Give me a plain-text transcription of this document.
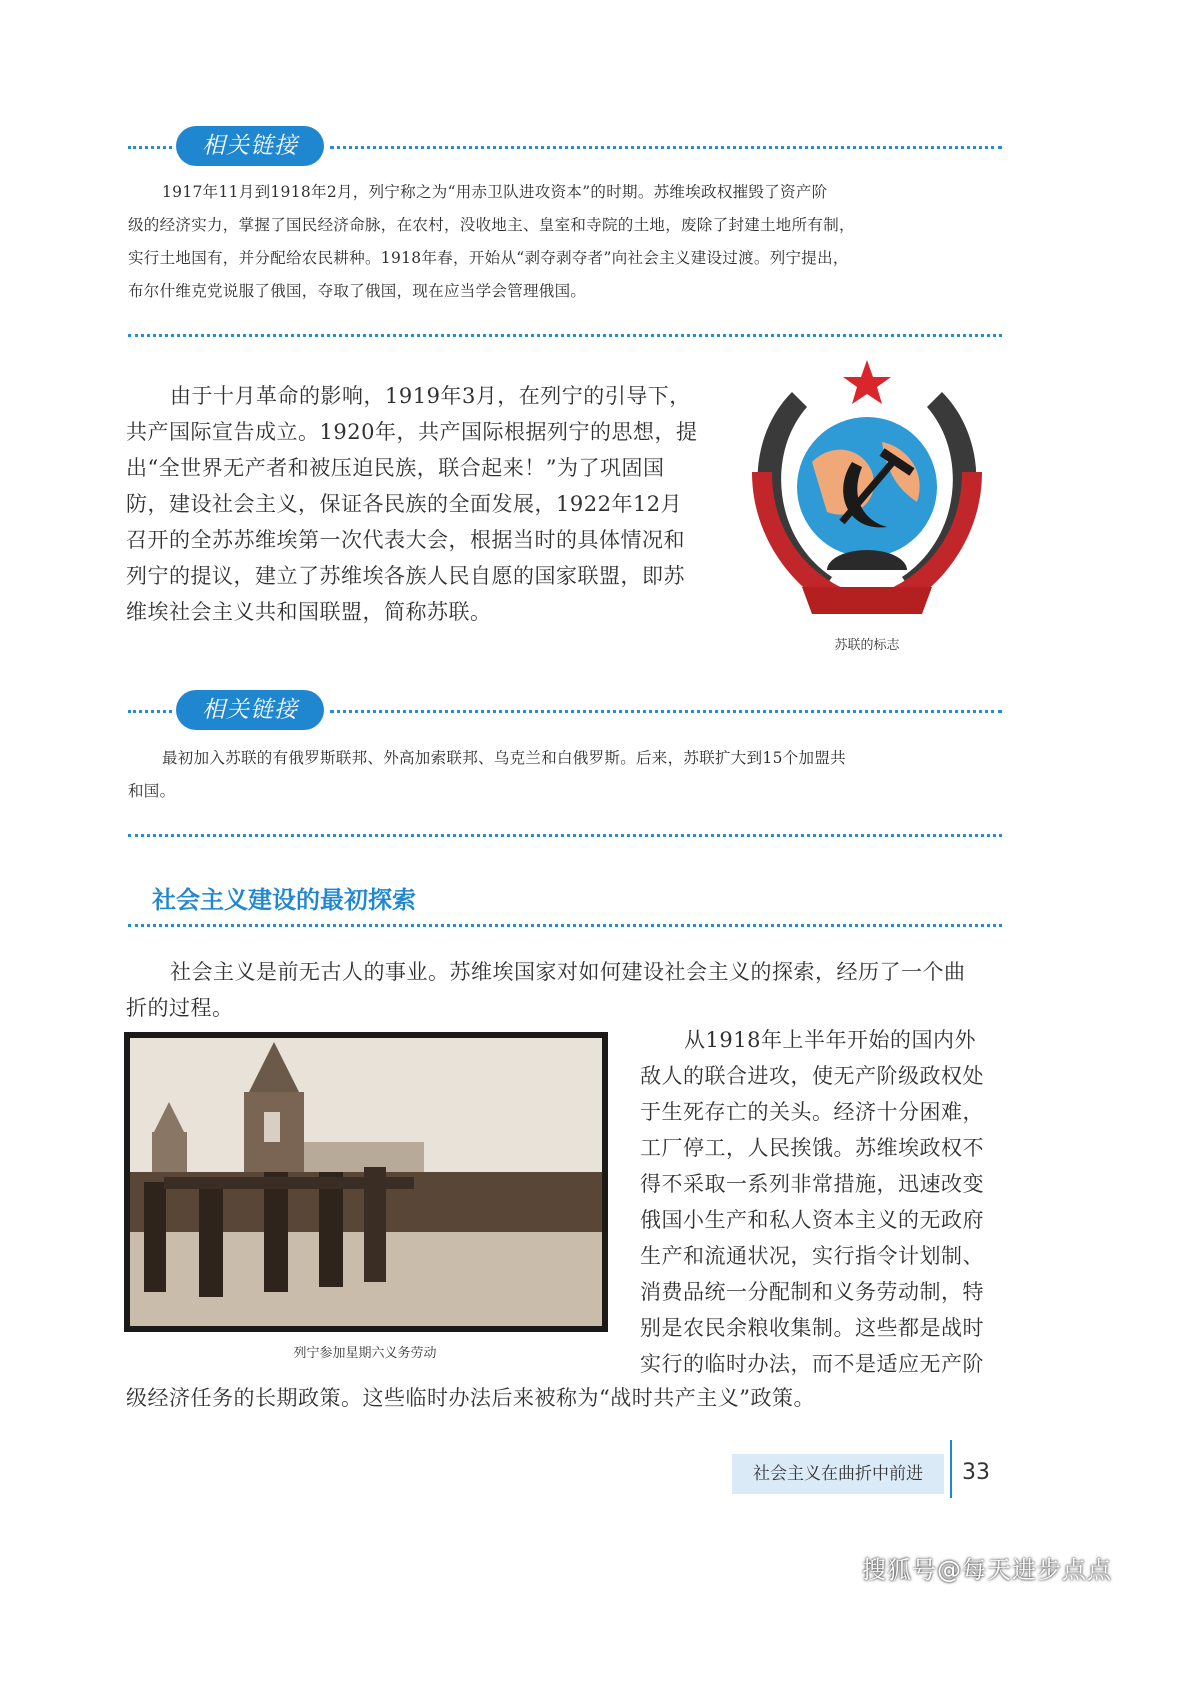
相关链接

1917年11月到1918年2月，列宁称之为“用赤卫队进攻资本”的时期。苏维埃政权摧毁了资产阶

级的经济实力，掌握了国民经济命脉，在农村，没收地主、皇室和寺院的土地，废除了封建土地所有制，

实行土地国有，并分配给农民耕种。1918年春，开始从“剥夺剥夺者”向社会主义建设过渡。列宁提出，

布尔什维克党说服了俄国，夺取了俄国，现在应当学会管理俄国。

由于十月革命的影响，1919年3月，在列宁的引导下，

共产国际宣告成立。1920年，共产国际根据列宁的思想，提

出“全世界无产者和被压迫民族，联合起来！”为了巩固国

防，建设社会主义，保证各民族的全面发展，1922年12月

召开的全苏苏维埃第一次代表大会，根据当时的具体情况和

列宁的提议，建立了苏维埃各族人民自愿的国家联盟，即苏

维埃社会主义共和国联盟，简称苏联。

苏联的标志
相关链接

最初加入苏联的有俄罗斯联邦、外高加索联邦、乌克兰和白俄罗斯。后来，苏联扩大到15个加盟共

和国。

社会主义建设的最初探索

社会主义是前无古人的事业。苏维埃国家对如何建设社会主义的探索，经历了一个曲

折的过程。

列宁参加星期六义务劳动

从1918年上半年开始的国内外

敌人的联合进攻，使无产阶级政权处

于生死存亡的关头。经济十分困难，

工厂停工，人民挨饿。苏维埃政权不

得不采取一系列非常措施，迅速改变

俄国小生产和私人资本主义的无政府

生产和流通状况，实行指令计划制、

消费品统一分配制和义务劳动制，特

别是农民余粮收集制。这些都是战时

实行的临时办法，而不是适应无产阶

级经济任务的长期政策。这些临时办法后来被称为“战时共产主义”政策。

社会主义在曲折中前进	33
搜狐号@每天进步点点
